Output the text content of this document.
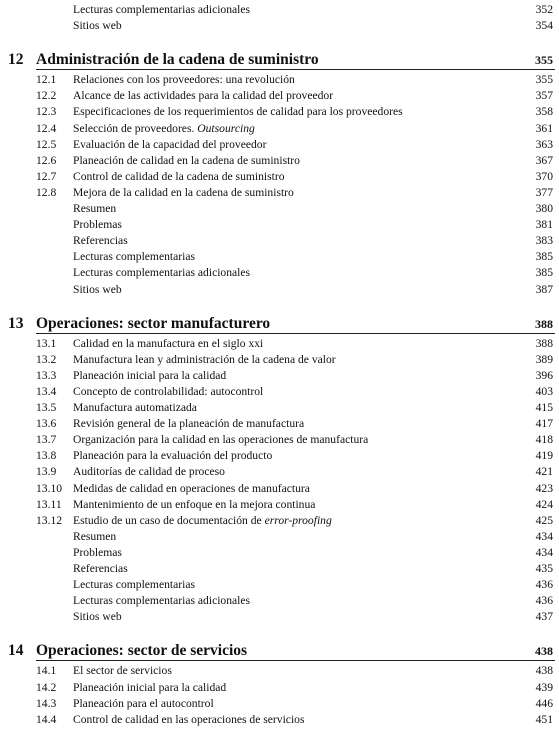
Lecturas complementarias adicionales	352
Sitios web	354
12 Administración de la cadena de suministro	355
12.1 Relaciones con los proveedores: una revolución	355
12.2 Alcance de las actividades para la calidad del proveedor	357
12.3 Especificaciones de los requerimientos de calidad para los proveedores	358
12.4 Selección de proveedores. Outsourcing	361
12.5 Evaluación de la capacidad del proveedor	363
12.6 Planeación de calidad en la cadena de suministro	367
12.7 Control de calidad de la cadena de suministro	370
12.8 Mejora de la calidad en la cadena de suministro	377
Resumen	380
Problemas	381
Referencias	383
Lecturas complementarias	385
Lecturas complementarias adicionales	385
Sitios web	387
13 Operaciones: sector manufacturero	388
13.1 Calidad en la manufactura en el siglo xxi	388
13.2 Manufactura lean y administración de la cadena de valor	389
13.3 Planeación inicial para la calidad	396
13.4 Concepto de controlabilidad: autocontrol	403
13.5 Manufactura automatizada	415
13.6 Revisión general de la planeación de manufactura	417
13.7 Organización para la calidad en las operaciones de manufactura	418
13.8 Planeación para la evaluación del producto	419
13.9 Auditorías de calidad de proceso	421
13.10 Medidas de calidad en operaciones de manufactura	423
13.11 Mantenimiento de un enfoque en la mejora continua	424
13.12 Estudio de un caso de documentación de error-proofing	425
Resumen	434
Problemas	434
Referencias	435
Lecturas complementarias	436
Lecturas complementarias adicionales	436
Sitios web	437
14 Operaciones: sector de servicios	438
14.1 El sector de servicios	438
14.2 Planeación inicial para la calidad	439
14.3 Planeación para el autocontrol	446
14.4 Control de calidad en las operaciones de servicios	451
